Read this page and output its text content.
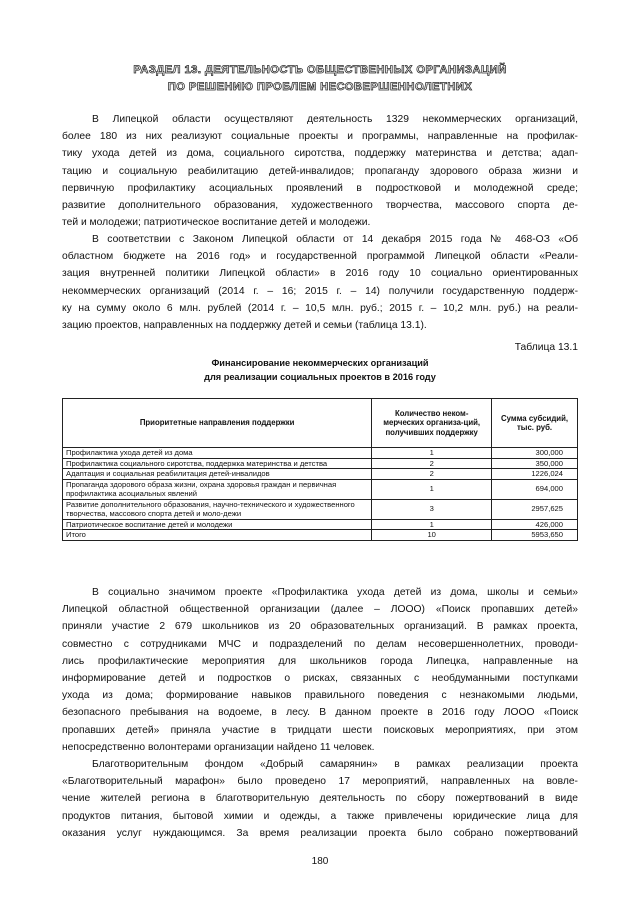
РАЗДЕЛ 13. ДЕЯТЕЛЬНОСТЬ ОБЩЕСТВЕННЫХ ОРГАНИЗАЦИЙ
ПО РЕШЕНИЮ ПРОБЛЕМ НЕСОВЕРШЕННОЛЕТНИХ
В Липецкой области осуществляют деятельность 1329 некоммерческих организаций,
более 180 из них реализуют социальные проекты и программы, направленные на профилак-
тику ухода детей из дома, социального сиротства, поддержку материнства и детства; адап-
тацию и социальную реабилитацию детей-инвалидов; пропаганду здорового образа жизни и
первичную профилактику асоциальных проявлений в подростковой и молодежной среде;
развитие дополнительного образования, художественного творчества, массового спорта де-
тей и молодежи; патриотическое воспитание детей и молодежи.
В соответствии с Законом Липецкой области от 14 декабря 2015 года № 468-ОЗ «Об
областном бюджете на 2016 год» и государственной программой Липецкой области «Реали-
зация внутренней политики Липецкой области» в 2016 году 10 социально ориентированных
некоммерческих организаций (2014 г. – 16; 2015 г. – 14) получили государственную поддерж-
ку на сумму около 6 млн. рублей (2014 г. – 10,5 млн. руб.; 2015 г. – 10,2 млн. руб.) на реали-
зацию проектов, направленных на поддержку детей и семьи (таблица 13.1).
Таблица 13.1
Финансирование некоммерческих организаций
для реализации социальных проектов в 2016 году
Приоритетные направления поддержки	Количество неком-мерческих организа-ций, получивших поддержку	Сумма субсидий, тыс. руб.
Профилактика ухода детей из дома	1	300,000
Профилактика социального сиротства, поддержка материнства и детства	2	350,000
Адаптация и социальная реабилитация детей-инвалидов	2	1226,024
Пропаганда здорового образа жизни, охрана здоровья граждан и первичная профилактика асоциальных явлений	1	694,000
Развитие дополнительного образования, научно-технического и художественного творчества, массового спорта детей и моло-дежи	3	2957,625
Патриотическое воспитание детей и молодежи	1	426,000
Итого	10	5953,650
В социально значимом проекте «Профилактика ухода детей из дома, школы и семьи»
Липецкой областной общественной организации (далее – ЛООО) «Поиск пропавших детей»
приняли участие 2 679 школьников из 20 образовательных организаций. В рамках проекта,
совместно с сотрудниками МЧС и подразделений по делам несовершеннолетних, проводи-
лись профилактические мероприятия для школьников города Липецка, направленные на
информирование детей и подростков о рисках, связанных с необдуманными поступками
ухода из дома; формирование навыков правильного поведения с незнакомыми людьми,
безопасного пребывания на водоеме, в лесу. В данном проекте в 2016 году ЛООО «Поиск
пропавших детей» приняла участие в тридцати шести поисковых мероприятиях, при этом
непосредственно волонтерами организации найдено 11 человек.
Благотворительным фондом «Добрый самарянин» в рамках реализации проекта
«Благотворительный марафон» было проведено 17 мероприятий, направленных на вовле-
чение жителей региона в благотворительную деятельность по сбору пожертвований в виде
продуктов питания, бытовой химии и одежды, а также привлечены юридические лица для
оказания услуг нуждающимся. За время реализации проекта было собрано пожертвований
180
